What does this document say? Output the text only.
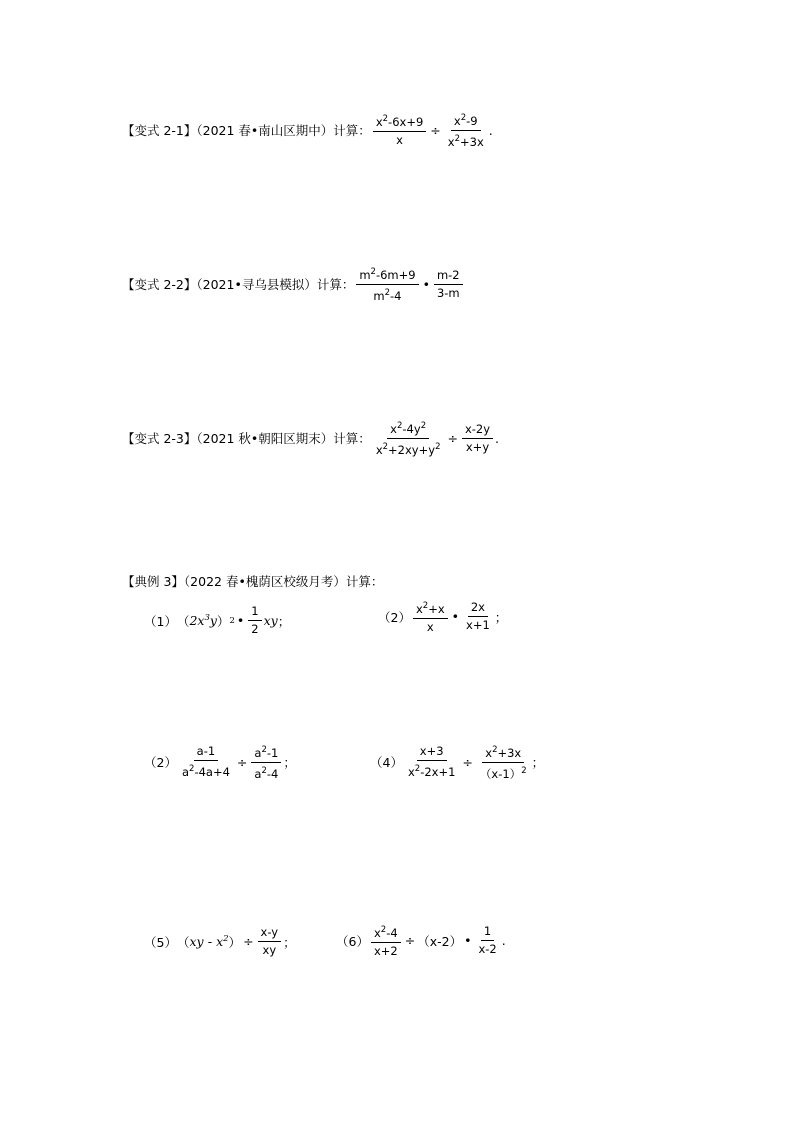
【变式 2-1】（2021 春•南山区期中）计算： $\frac{x^2-6x+9}{x} \div \frac{x^2-9}{x^2+3x}$ .
【变式 2-2】（2021•寻乌县模拟）计算： $\frac{m^2-6m+9}{m^2-4}$ • $\frac{m-2}{3-m}$
【变式 2-3】（2021 秋•朝阳区期末）计算： $\frac{x^2-4y^2}{x^2+2xy+y^2} \div \frac{x-2y}{x+y}$ .
【典例 3】（2022 春•槐荫区校级月考）计算：
（1） （ $2x^3y$ ） 2 • $\frac{1}{2}$ xy ；	$(2) \frac{x^2+x}{x}$ • $\frac{2x}{x+1}$ ；
$(2) \frac{a-1}{a^2-4a+4} \div \frac{a^2-1}{a^2-4}$ ；	$(4) \frac{x+3}{x^2-2x+1} \div \frac{x^2+3x}{(x-1)^2}$ ；
（5） （ xy - $x^2$ ） ÷ $\frac{x-y}{xy}$ ；	$(6) \frac{x^2-4}{x+2} \div (x-2)$ • $\frac{1}{x-2}$ .
